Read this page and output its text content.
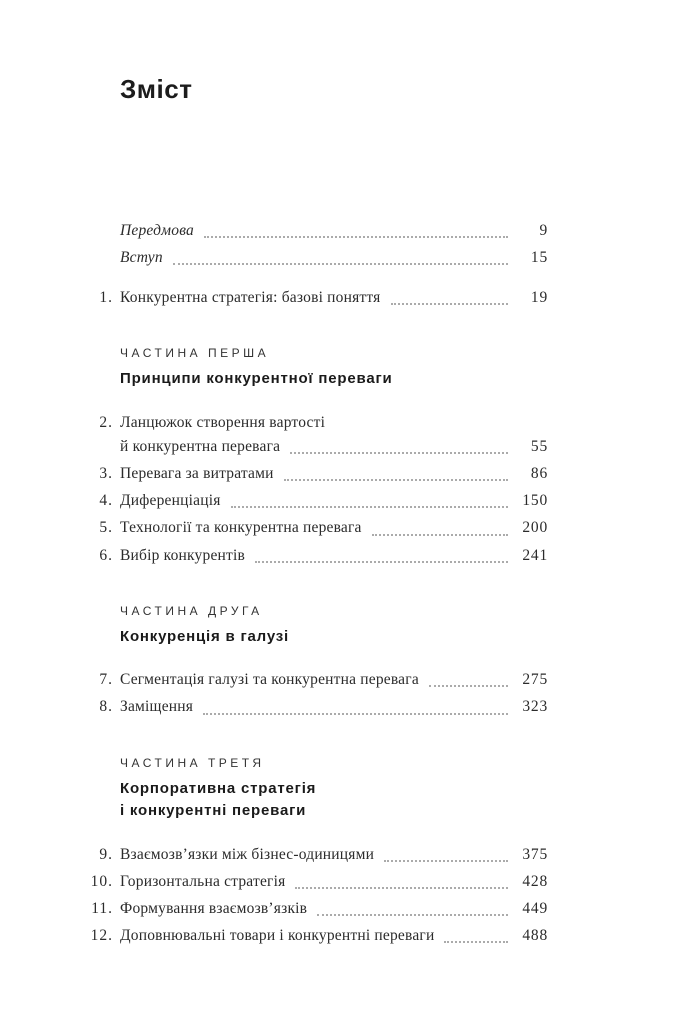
Зміст
Передмова	9
Вступ	15
1. Конкурентна стратегія: базові поняття	19
ЧАСТИНА ПЕРША
Принципи конкурентної переваги
2. Ланцюжок створення вартості
й конкурентна перевага	55
3. Перевага за витратами	86
4. Диференціація	150
5. Технології та конкурентна перевага	200
6. Вибір конкурентів	241
ЧАСТИНА ДРУГА
Конкуренція в галузі
7. Сегментація галузі та конкурентна перевага	275
8. Заміщення	323
ЧАСТИНА ТРЕТЯ
Корпоративна стратегія
і конкурентні переваги
9. Взаємозв’язки між бізнес-одиницями	375
10. Горизонтальна стратегія	428
11. Формування взаємозв’язків	449
12. Доповнювальні товари і конкурентні переваги	488
